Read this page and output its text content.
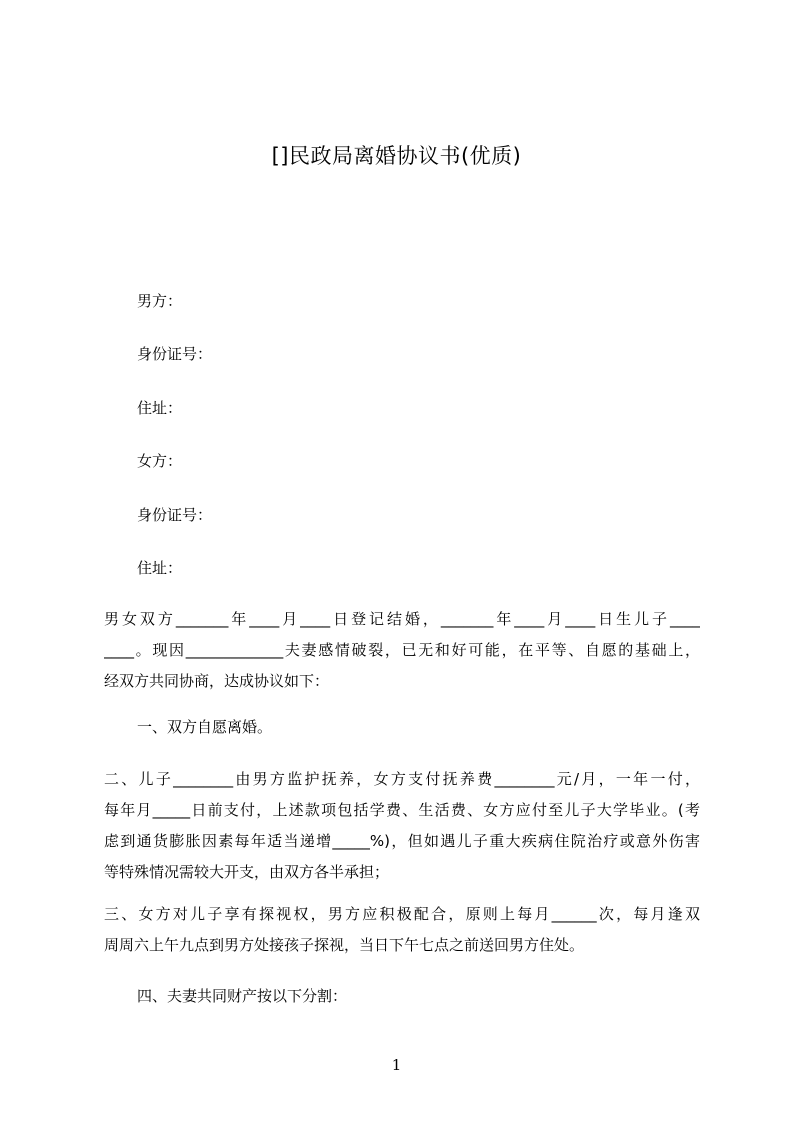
[]民政局离婚协议书(优质)
男方：
身份证号：
住址：
女方：
身份证号：
住址：
男女双方_______年____月____日登记结婚，_______年____月____日生儿子____
____。现因_____________夫妻感情破裂，已无和好可能，在平等、自愿的基础上，
经双方共同协商，达成协议如下：
一、双方自愿离婚。
二、儿子________由男方监护抚养，女方支付抚养费________元/月，一年一付，
每年月_____日前支付，上述款项包括学费、生活费、女方应付至儿子大学毕业。(考
虑到通货膨胀因素每年适当递增_____%)，但如遇儿子重大疾病住院治疗或意外伤害
等特殊情况需较大开支，由双方各半承担；
三、女方对儿子享有探视权，男方应积极配合，原则上每月______次，每月逢双
周周六上午九点到男方处接孩子探视，当日下午七点之前送回男方住处。
四、夫妻共同财产按以下分割：
1
